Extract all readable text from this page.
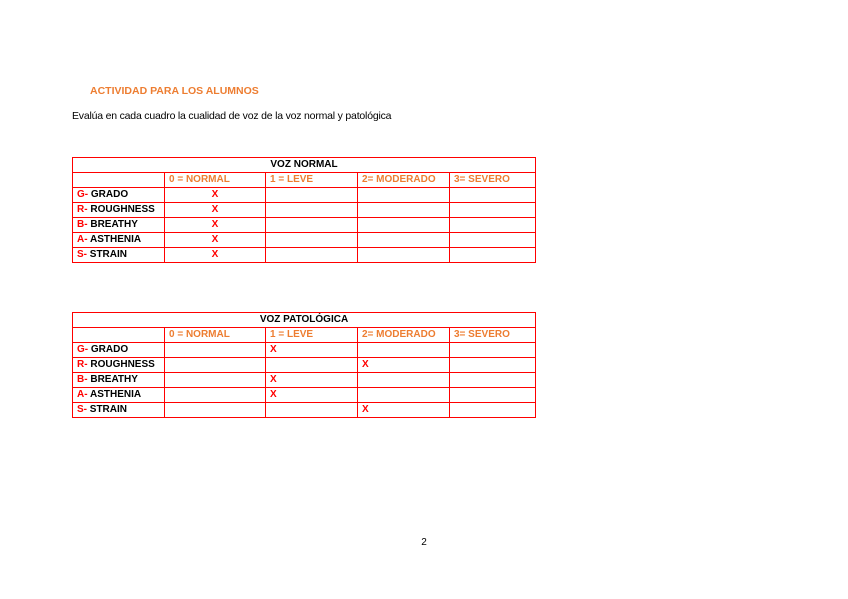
ACTIVIDAD PARA LOS ALUMNOS
Evalúa en cada cuadro la cualidad de voz de la voz normal y patológica
VOZ NORMAL				
	0 = NORMAL	1 = LEVE	2= MODERADO	3= SEVERO
G- GRADO	X			
R- ROUGHNESS	X			
B- BREATHY	X			
A- ASTHENIA	X			
S- STRAIN	X			
VOZ PATOLÓGICA				
	0 = NORMAL	1 = LEVE	2= MODERADO	3= SEVERO
G- GRADO		X		
R- ROUGHNESS			X	
B- BREATHY		X		
A- ASTHENIA		X		
S- STRAIN			X	
2
